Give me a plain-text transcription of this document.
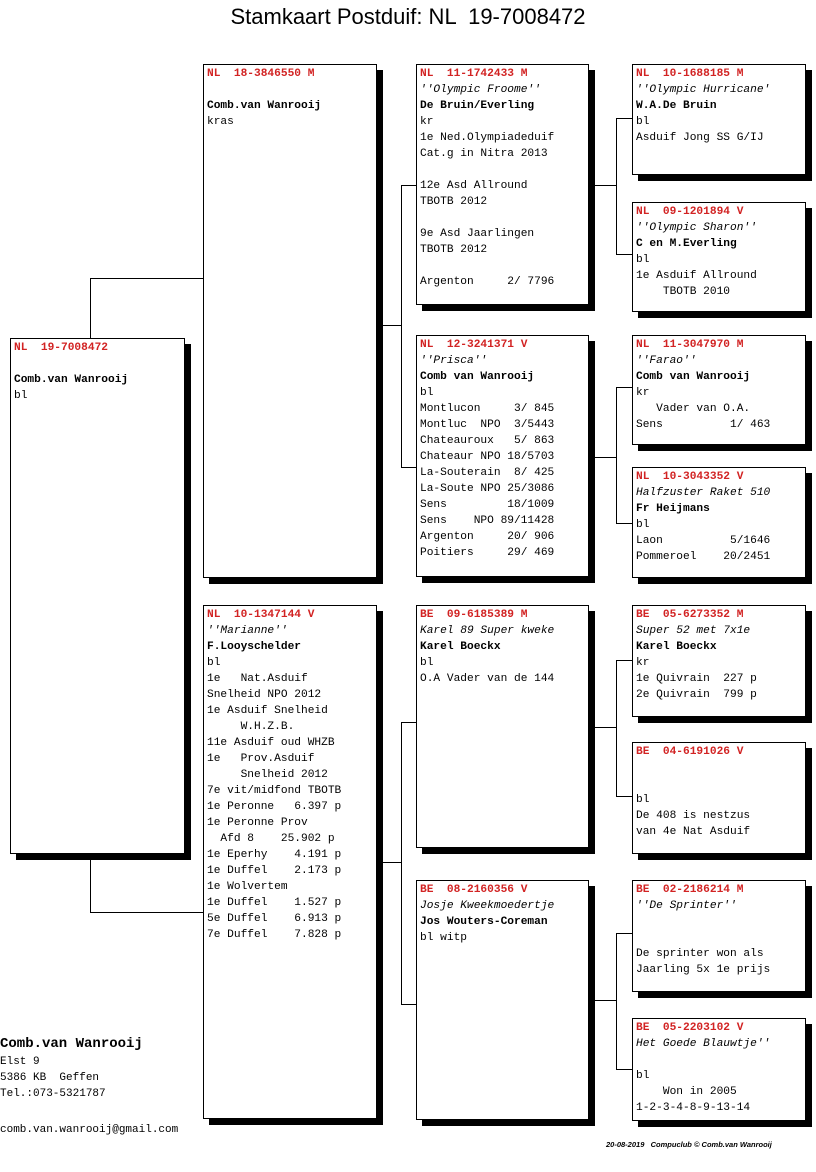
Stamkaart Postduif: NL  19-7008472
NL  19-7008472
Comb.van Wanrooij
bl
NL  18-3846550 M
Comb.van Wanrooij
kras
NL  10-1347144 V
''Marianne''
F.Looyschelder
bl
1e   Nat.Asduif
Snelheid NPO 2012
1e Asduif Snelheid
W.H.Z.B.
11e Asduif oud WHZB
1e   Prov.Asduif
Snelheid 2012
7e vit/midfond TBOTB
1e Peronne   6.397 p
1e Peronne Prov
Afd 8    25.902 p
1e Eperhy    4.191 p
1e Duffel    2.173 p
1e Wolvertem
1e Duffel    1.527 p
5e Duffel    6.913 p
7e Duffel    7.828 p
NL  11-1742433 M
''Olympic Froome''
De Bruin/Everling
kr
1e Ned.Olympiadeduif
Cat.g in Nitra 2013
12e Asd Allround
TBOTB 2012
9e Asd Jaarlingen
TBOTB 2012
Argenton     2/ 7796
NL  12-3241371 V
''Prisca''
Comb van Wanrooij
bl
Montlucon     3/ 845
Montluc  NPO  3/5443
Chateauroux   5/ 863
Chateaur NPO 18/5703
La-Souterain  8/ 425
La-Soute NPO 25/3086
Sens         18/1009
Sens    NPO 89/11428
Argenton     20/ 906
Poitiers     29/ 469
BE  09-6185389 M
Karel 89 Super kweke
Karel Boeckx
bl
O.A Vader van de 144
BE  08-2160356 V
Josje Kweekmoedertje
Jos Wouters-Coreman
bl witp
NL  10-1688185 M
''Olympic Hurricane'
W.A.De Bruin
bl
Asduif Jong SS G/IJ
NL  09-1201894 V
''Olympic Sharon''
C en M.Everling
bl
1e Asduif Allround
TBOTB 2010
NL  11-3047970 M
''Farao''
Comb van Wanrooij
kr
Vader van O.A.
Sens          1/ 463
NL  10-3043352 V
Halfzuster Raket 510
Fr Heijmans
bl
Laon          5/1646
Pommeroel    20/2451
BE  05-6273352 M
Super 52 met 7x1e
Karel Boeckx
kr
1e Quivrain  227 p
2e Quivrain  799 p
BE  04-6191026 V
bl
De 408 is nestzus
van 4e Nat Asduif
BE  02-2186214 M
''De Sprinter''
De sprinter won als
Jaarling 5x 1e prijs
BE  05-2203102 V
Het Goede Blauwtje''
bl
Won in 2005
1-2-3-4-8-9-13-14
Comb.van Wanrooij
Elst 9
5386 KB  Geffen
Tel.:073-5321787
comb.van.wanrooij@gmail.com
20-08-2019   Compuclub © Comb.van Wanrooij
